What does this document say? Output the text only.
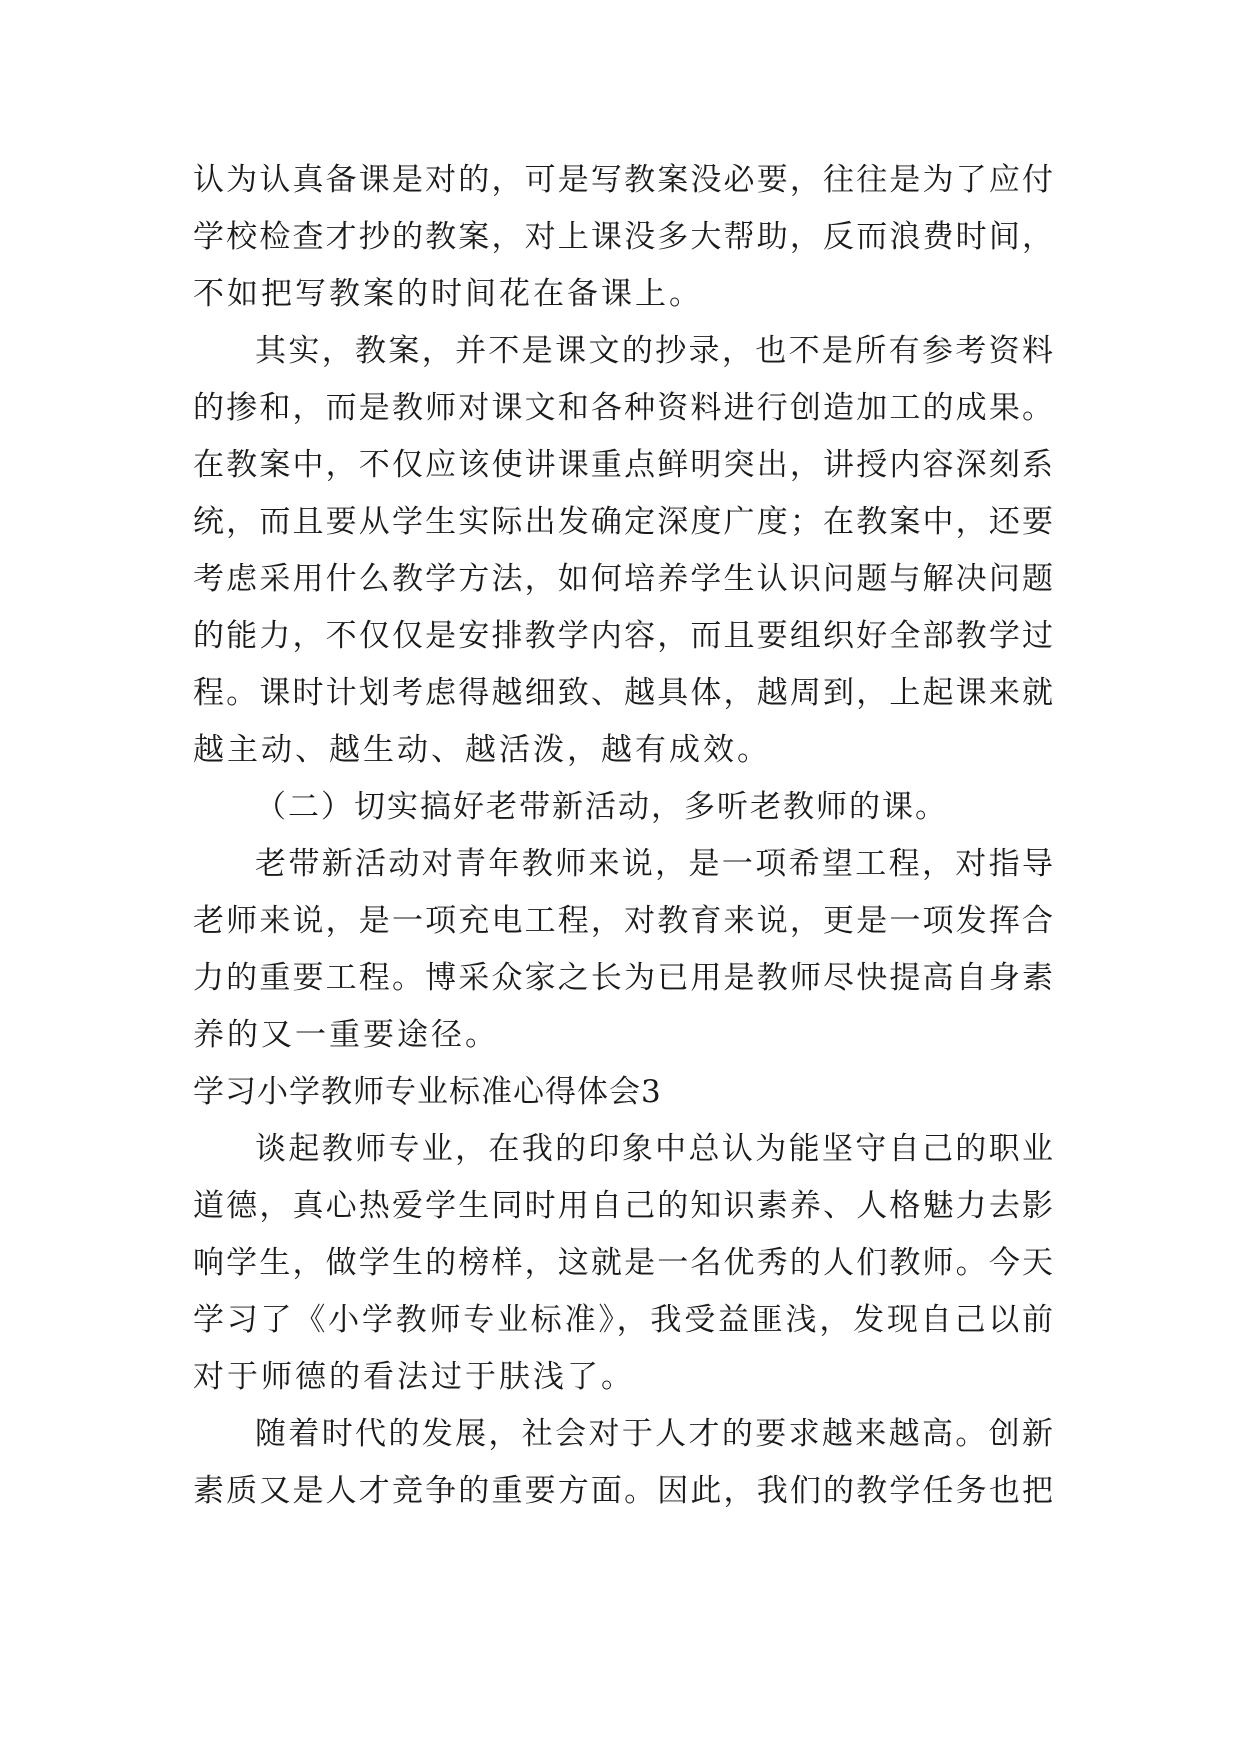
认为认真备课是对的，可是写教案没必要，往往是为了应付
学校检查才抄的教案，对上课没多大帮助，反而浪费时间，
不如把写教案的时间花在备课上。
其实，教案，并不是课文的抄录，也不是所有参考资料
的掺和，而是教师对课文和各种资料进行创造加工的成果。
在教案中，不仅应该使讲课重点鲜明突出，讲授内容深刻系
统，而且要从学生实际出发确定深度广度；在教案中，还要
考虑采用什么教学方法，如何培养学生认识问题与解决问题
的能力，不仅仅是安排教学内容，而且要组织好全部教学过
程。课时计划考虑得越细致、越具体，越周到，上起课来就
越主动、越生动、越活泼，越有成效。
（二）切实搞好老带新活动，多听老教师的课。
老带新活动对青年教师来说，是一项希望工程，对指导
老师来说，是一项充电工程，对教育来说，更是一项发挥合
力的重要工程。博采众家之长为已用是教师尽快提高自身素
养的又一重要途径。
学习小学教师专业标准心得体会3
谈起教师专业，在我的印象中总认为能坚守自己的职业
道德，真心热爱学生同时用自己的知识素养、人格魅力去影
响学生，做学生的榜样，这就是一名优秀的人们教师。今天
学习了《小学教师专业标准》，我受益匪浅，发现自己以前
对于师德的看法过于肤浅了。
随着时代的发展，社会对于人才的要求越来越高。创新
素质又是人才竞争的重要方面。因此，我们的教学任务也把
